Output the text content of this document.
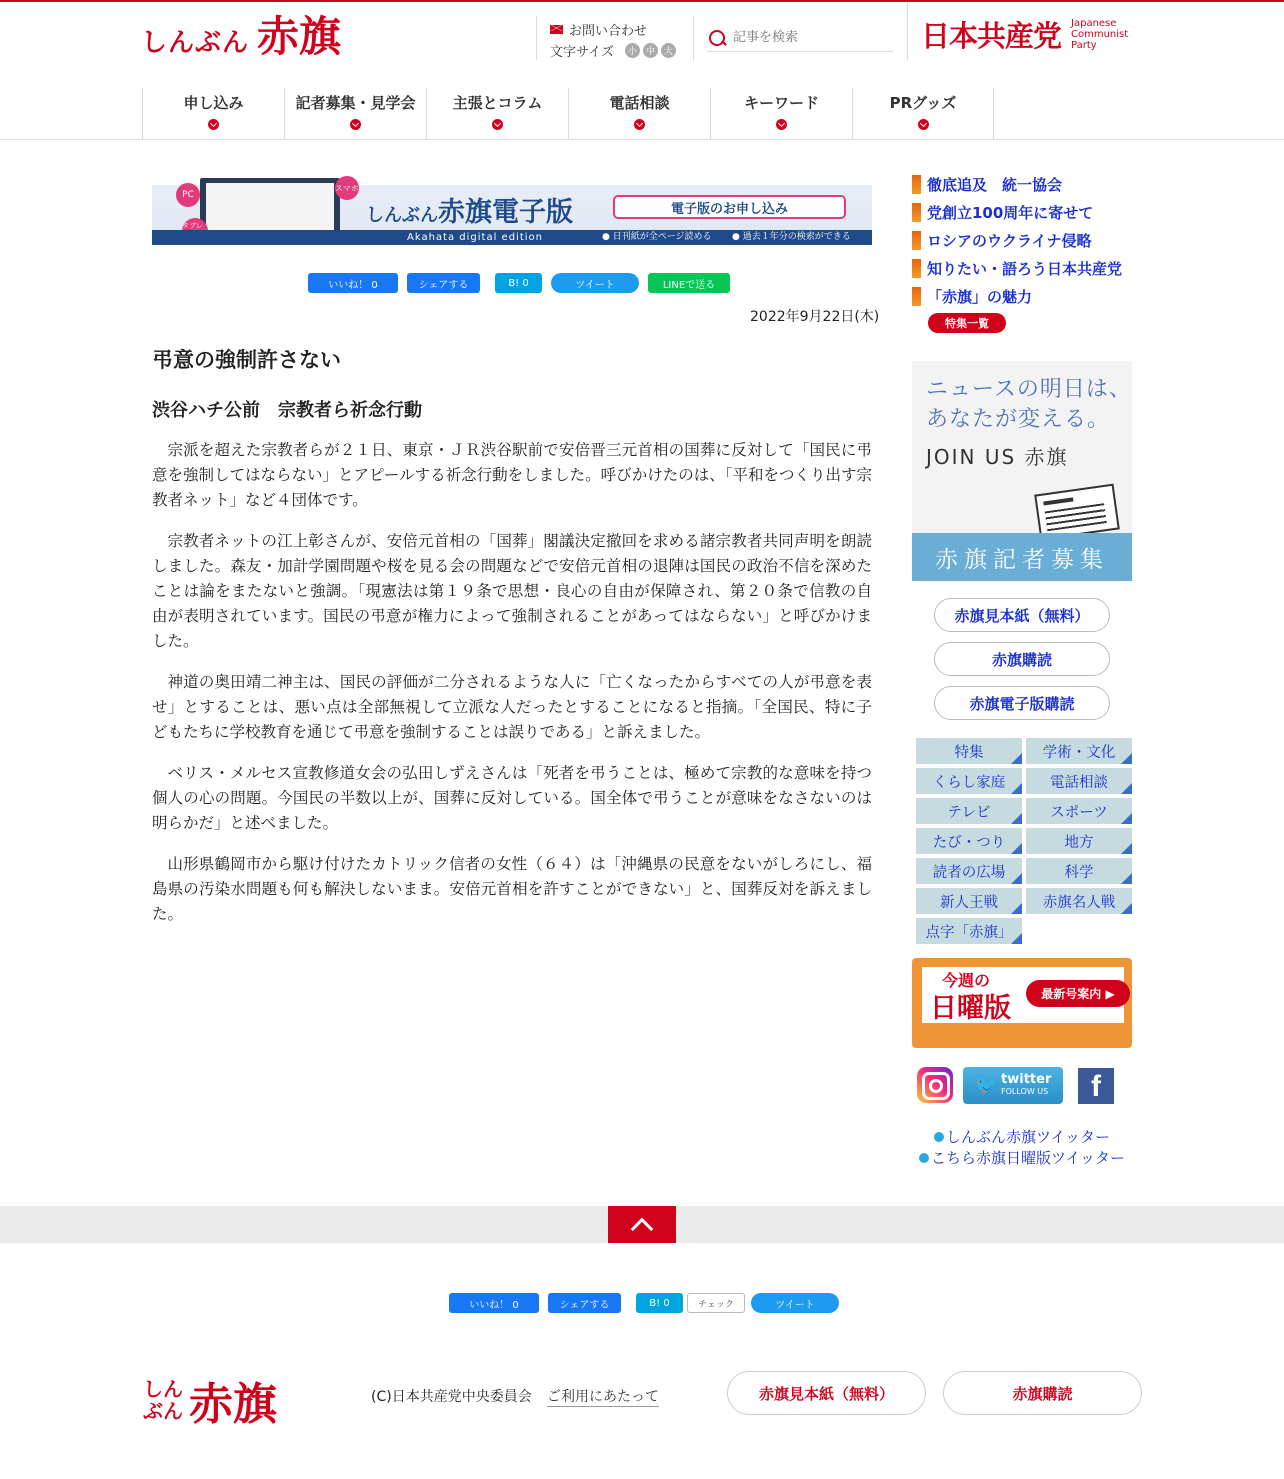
しんぶん 赤旗	お問い合わせ
文字サイズ	小 中 大
記事を検索	日本共産党 Japanese
Communist
Party
申し込み	記者募集・見学会	主張とコラム	電話相談	キーワード	PRグッズ
PC
タブレ
スマホ
しんぶん赤旗電子版	電子版のお申し込み
Akahata digital edition	● 日刊紙が全ページ読める ● 過去１年分の検索ができる
いいね！ 0	シェアする	B! 0	ツイート	LINEで送る
2022年9月22日(木)
弔意の強制許さない
渋谷ハチ公前　宗教者ら祈念行動

宗派を超えた宗教者らが２１日、東京・ＪＲ渋谷駅前で安倍晋三元首相の国葬に反対して「国民に弔意を強制してはならない」とアピールする祈念行動をしました。呼びかけたのは、「平和をつくり出す宗教者ネット」など４団体です。

宗教者ネットの江上彰さんが、安倍元首相の「国葬」閣議決定撤回を求める諸宗教者共同声明を朗読しました。森友・加計学園問題や桜を見る会の問題などで安倍元首相の退陣は国民の政治不信を深めたことは論をまたないと強調。「現憲法は第１９条で思想・良心の自由が保障され、第２０条で信教の自由が表明されています。国民の弔意が権力によって強制されることがあってはならない」と呼びかけました。

神道の奥田靖二神主は、国民の評価が二分されるような人に「亡くなったからすべての人が弔意を表せ」とすることは、悪い点は全部無視して立派な人だったとすることになると指摘。「全国民、特に子どもたちに学校教育を通じて弔意を強制することは誤りである」と訴えました。

ベリス・メルセス宣教修道女会の弘田しずえさんは「死者を弔うことは、極めて宗教的な意味を持つ個人の心の問題。今国民の半数以上が、国葬に反対している。国全体で弔うことが意味をなさないのは明らかだ」と述べました。

山形県鶴岡市から駆け付けたカトリック信者の女性（６４）は「沖縄県の民意をないがしろにし、福島県の汚染水問題も何も解決しないまま。安倍元首相を許すことができない」と、国葬反対を訴えました。

徹底追及　統一協会
党創立100周年に寄せて
ロシアのウクライナ侵略
知りたい・語ろう日本共産党
「赤旗」の魅力
特集一覧
ニュースの明日は、
あなたが変える。
JOIN US 赤旗
赤旗記者募集
赤旗見本紙（無料）
赤旗購読
赤旗電子版購読
特集	学術・文化
くらし家庭	電話相談
テレビ	スポーツ
たび・つり	地方
読者の広場	科学
新人王戦	赤旗名人戦
点字「赤旗」
今週の
日曜版	最新号案内 ▶
🐦 twitter
FOLLOW US	f
しんぶん赤旗ツイッター
こちら赤旗日曜版ツイッター
いいね！ 0	シェアする	B! 0	チェック	ツイート
しん
ぶん 赤旗	(C)日本共産党中央委員会 ご利用にあたって	赤旗見本紙（無料）	赤旗購読
